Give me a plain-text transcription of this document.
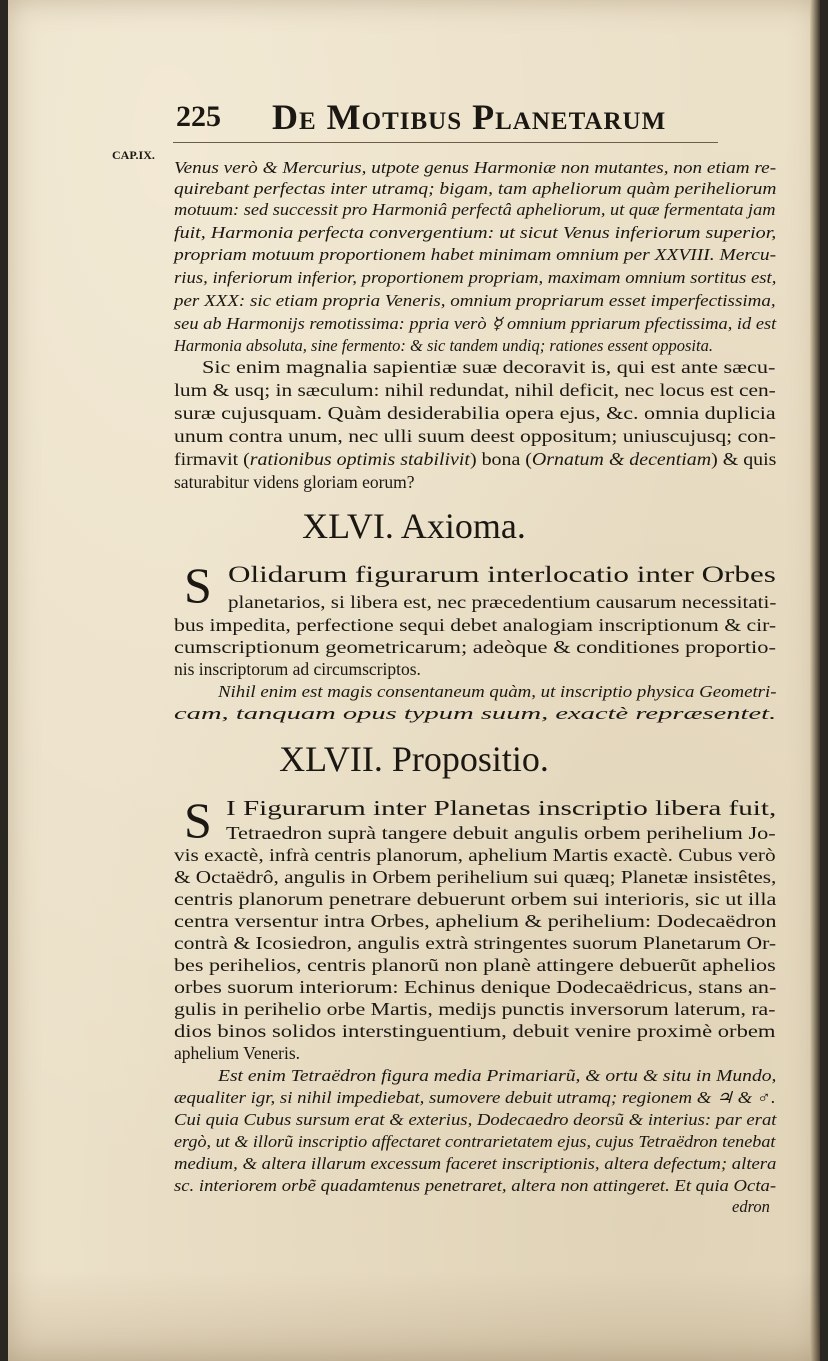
225 De Motibus Planetarum
CAP.IX.
Venus verò & Mercurius, utpote genus Harmoniæ non mutantes, non etiam re-
quirebant perfectas inter utramq; bigam, tam apheliorum quàm periheliorum
motuum: sed successit pro Harmoniâ perfectâ apheliorum, ut quæ fermentata jam
fuit, Harmonia perfecta convergentium: ut sicut Venus inferiorum superior,
propriam motuum proportionem habet minimam omnium per XXVIII. Mercu-
rius, inferiorum inferior, proportionem propriam, maximam omnium sortitus est,
per XXX: sic etiam propria Veneris, omnium propriarum esset imperfectissima,
seu ab Harmonijs remotissima: ppria verò ☿ omnium ppriarum pfectissima, id est
Harmonia absoluta, sine fermento: & sic tandem undiq; rationes essent opposita.
Sic enim magnalia sapientiæ suæ decoravit is, qui est ante sæcu-
lum & usq; in sæculum: nihil redundat, nihil deficit, nec locus est cen-
suræ cujusquam. Quàm desiderabilia opera ejus, &c. omnia duplicia
unum contra unum, nec ulli suum deest oppositum; uniuscujusq; con-
firmavit (rationibus optimis stabilivit) bona (Ornatum & decentiam) & quis
saturabitur videns gloriam eorum?
XLVI. Axioma.
S Olidarum figurarum interlocatio inter Orbes
planetarios, si libera est, nec præcedentium causarum necessitati-
bus impedita, perfectione sequi debet analogiam inscriptionum & cir-
cumscriptionum geometricarum; adeòque & conditiones proportio-
nis inscriptorum ad circumscriptos.
Nihil enim est magis consentaneum quàm, ut inscriptio physica Geometri-
cam, tanquam opus typum suum, exactè repræsentet.
XLVII. Propositio.
S I Figurarum inter Planetas inscriptio libera fuit,
Tetraedron suprà tangere debuit angulis orbem perihelium Jo-
vis exactè, infrà centris planorum, aphelium Martis exactè. Cubus verò
& Octaëdrô, angulis in Orbem perihelium sui quæq; Planetæ insistêtes,
centris planorum penetrare debuerunt orbem sui interioris, sic ut illa
centra versentur intra Orbes, aphelium & perihelium: Dodecaëdron
contrà & Icosiedron, angulis extrà stringentes suorum Planetarum Or-
bes perihelios, centris planorũ non planè attingere debuerũt aphelios
orbes suorum interiorum: Echinus denique Dodecaëdricus, stans an-
gulis in perihelio orbe Martis, medijs punctis inversorum laterum, ra-
dios binos solidos interstinguentium, debuit venire proximè orbem
aphelium Veneris.
Est enim Tetraëdron figura media Primariarũ, & ortu & situ in Mundo,
æqualiter igr, si nihil impediebat, sumovere debuit utramq; regionem & ♃ & ♂.
Cui quia Cubus sursum erat & exterius, Dodecaedro deorsũ & interius: par erat
ergò, ut & illorũ inscriptio affectaret contrarietatem ejus, cujus Tetraëdron tenebat
medium, & altera illarum excessum faceret inscriptionis, altera defectum; altera
sc. interiorem orbẽ quadamtenus penetraret, altera non attingeret. Et quia Octa-
edron
